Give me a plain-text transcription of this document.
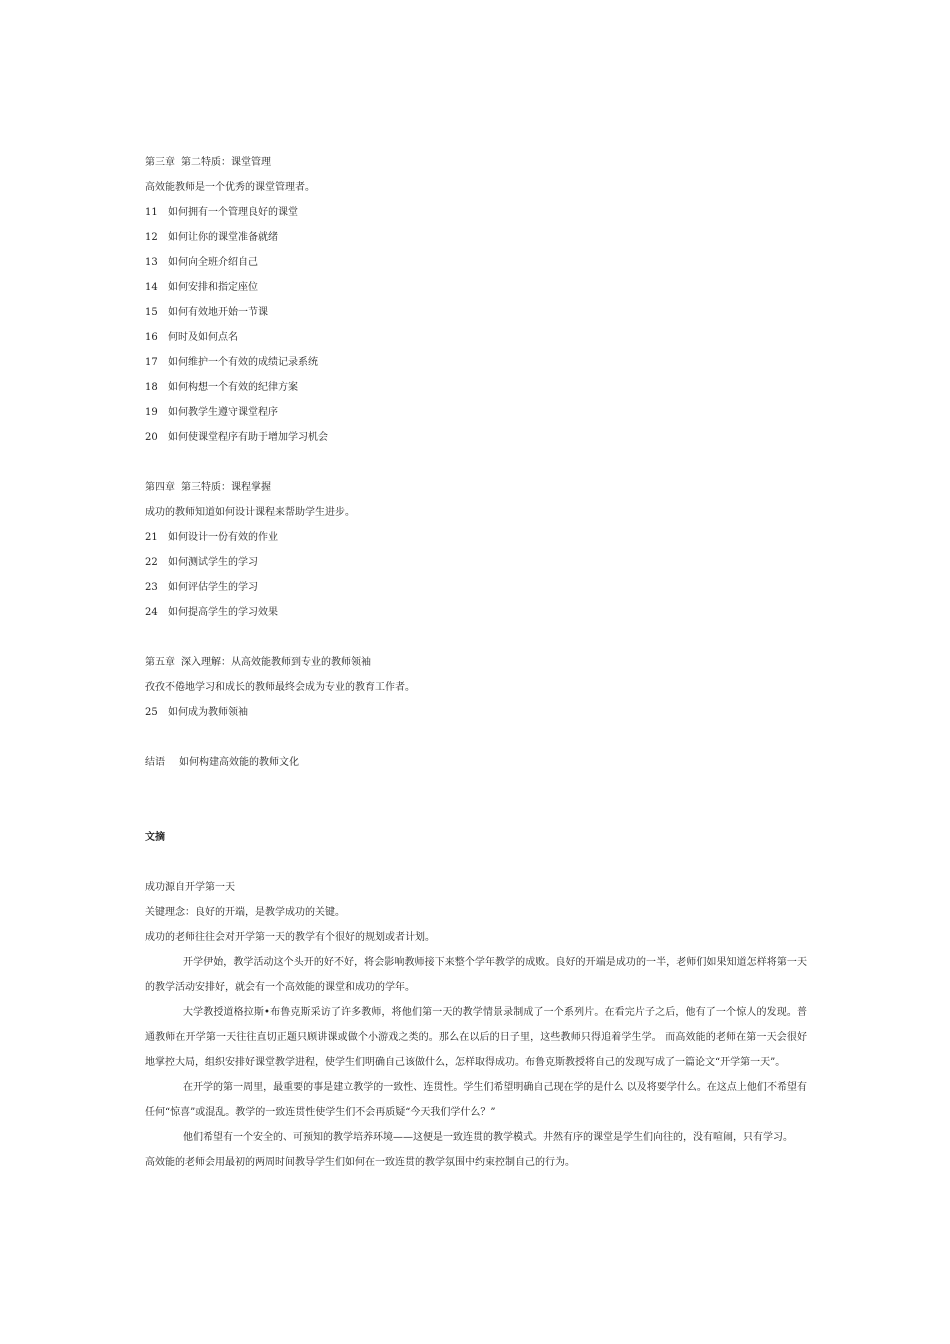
第三章 第二特质：课堂管理
高效能教师是一个优秀的课堂管理者。
11 如何拥有一个管理良好的课堂
12 如何让你的课堂准备就绪
13 如何向全班介绍自己
14 如何安排和指定座位
15 如何有效地开始一节课
16 何时及如何点名
17 如何维护一个有效的成绩记录系统
18 如何构想一个有效的纪律方案
19 如何教学生遵守课堂程序
20 如何使课堂程序有助于增加学习机会
第四章 第三特质：课程掌握
成功的教师知道如何设计课程来帮助学生进步。
21 如何设计一份有效的作业
22 如何测试学生的学习
23 如何评估学生的学习
24 如何提高学生的学习效果
第五章 深入理解：从高效能教师到专业的教师领袖
孜孜不倦地学习和成长的教师最终会成为专业的教育工作者。
25 如何成为教师领袖
结语 如何构建高效能的教师文化
文摘
成功源自开学第一天
关键理念：良好的开端，是教学成功的关键。
成功的老师往往会对开学第一天的教学有个很好的规划或者计划。

开学伊始，教学活动这个头开的好不好，将会影响教师接下来整个学年教学的成败。良好的开端是成功的一半，老师们如果知道怎样将第一天的教学活动安排好，就会有一个高效能的课堂和成功的学年。

大学教授道格拉斯•布鲁克斯采访了许多教师，将他们第一天的教学情景录制成了一个系列片。在看完片子之后，他有了一个惊人的发现。普通教师在开学第一天往往直切正题只顾讲课或做个小游戏之类的。那么在以后的日子里，这些教师只得追着学生学。 而高效能的老师在第一天会很好地掌控大局，组织安排好课堂教学进程，使学生们明确自己该做什么，怎样取得成功。布鲁克斯教授将自己的发现写成了一篇论文“开学第一天”。

在开学的第一周里，最重要的事是建立教学的一致性、连贯性。学生们希望明确自己现在学的是什么 以及将要学什么。在这点上他们不希望有任何“惊喜”或混乱。教学的一致连贯性使学生们不会再质疑“今天我们学什么？”

他们希望有一个安全的、可预知的教学培养环境——这便是一致连贯的教学模式。井然有序的课堂是学生们向往的，没有喧闹，只有学习。

高效能的老师会用最初的两周时间教导学生们如何在一致连贯的教学氛围中约束控制自己的行为。
